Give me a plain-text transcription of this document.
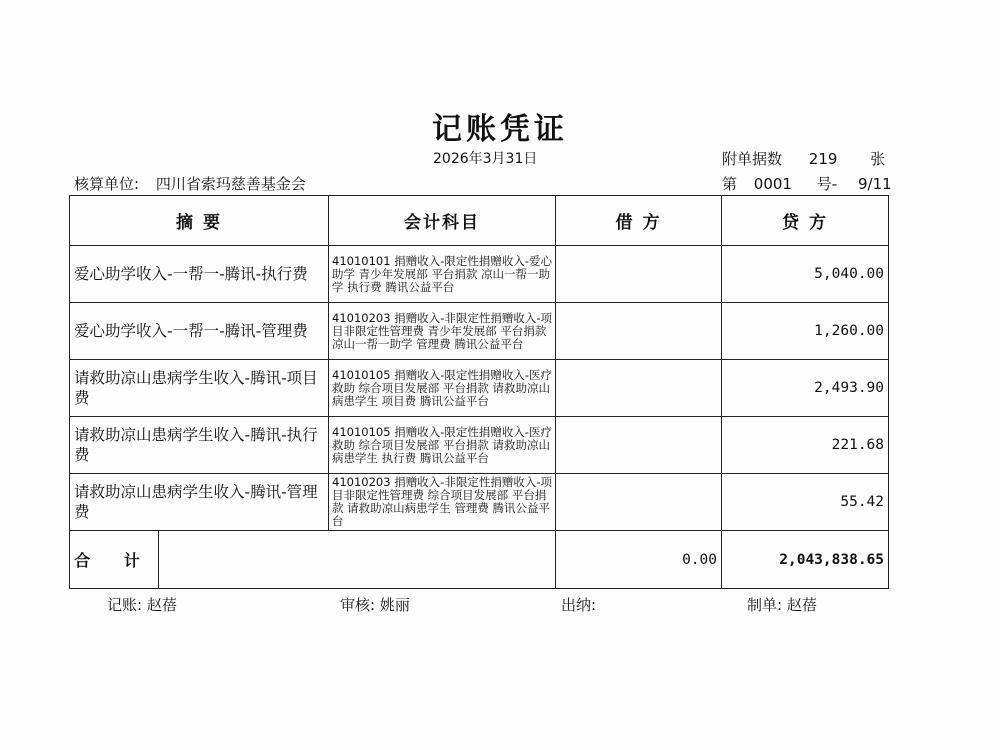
记账凭证
2026年3月31日	附单据数 219 张
核算单位: 四川省索玛慈善基金会	第 0001 号- 9/11
摘 要		会计科目	借 方	贷 方
爱心助学收入-一帮一-腾讯-执行费		41010101 捐赠收入-限定性捐赠收入-爱心助学 青少年发展部 平台捐款 凉山一帮一助学 执行费 腾讯公益平台		5,040.00
爱心助学收入-一帮一-腾讯-管理费		41010203 捐赠收入-非限定性捐赠收入-项目非限定性管理费 青少年发展部 平台捐款 凉山一帮一助学 管理费 腾讯公益平台		1,260.00
请救助凉山患病学生收入-腾讯-项目费		41010105 捐赠收入-限定性捐赠收入-医疗救助 综合项目发展部 平台捐款 请救助凉山病患学生 项目费 腾讯公益平台		2,493.90
请救助凉山患病学生收入-腾讯-执行费		41010105 捐赠收入-限定性捐赠收入-医疗救助 综合项目发展部 平台捐款 请救助凉山病患学生 执行费 腾讯公益平台		221.68
请救助凉山患病学生收入-腾讯-管理费		41010203 捐赠收入-非限定性捐赠收入-项目非限定性管理费 综合项目发展部 平台捐款 请救助凉山病患学生 管理费 腾讯公益平台		55.42
合 计			0.00	2,043,838.65
记账: 赵蓓	审核: 姚丽	出纳:	制单: 赵蓓
